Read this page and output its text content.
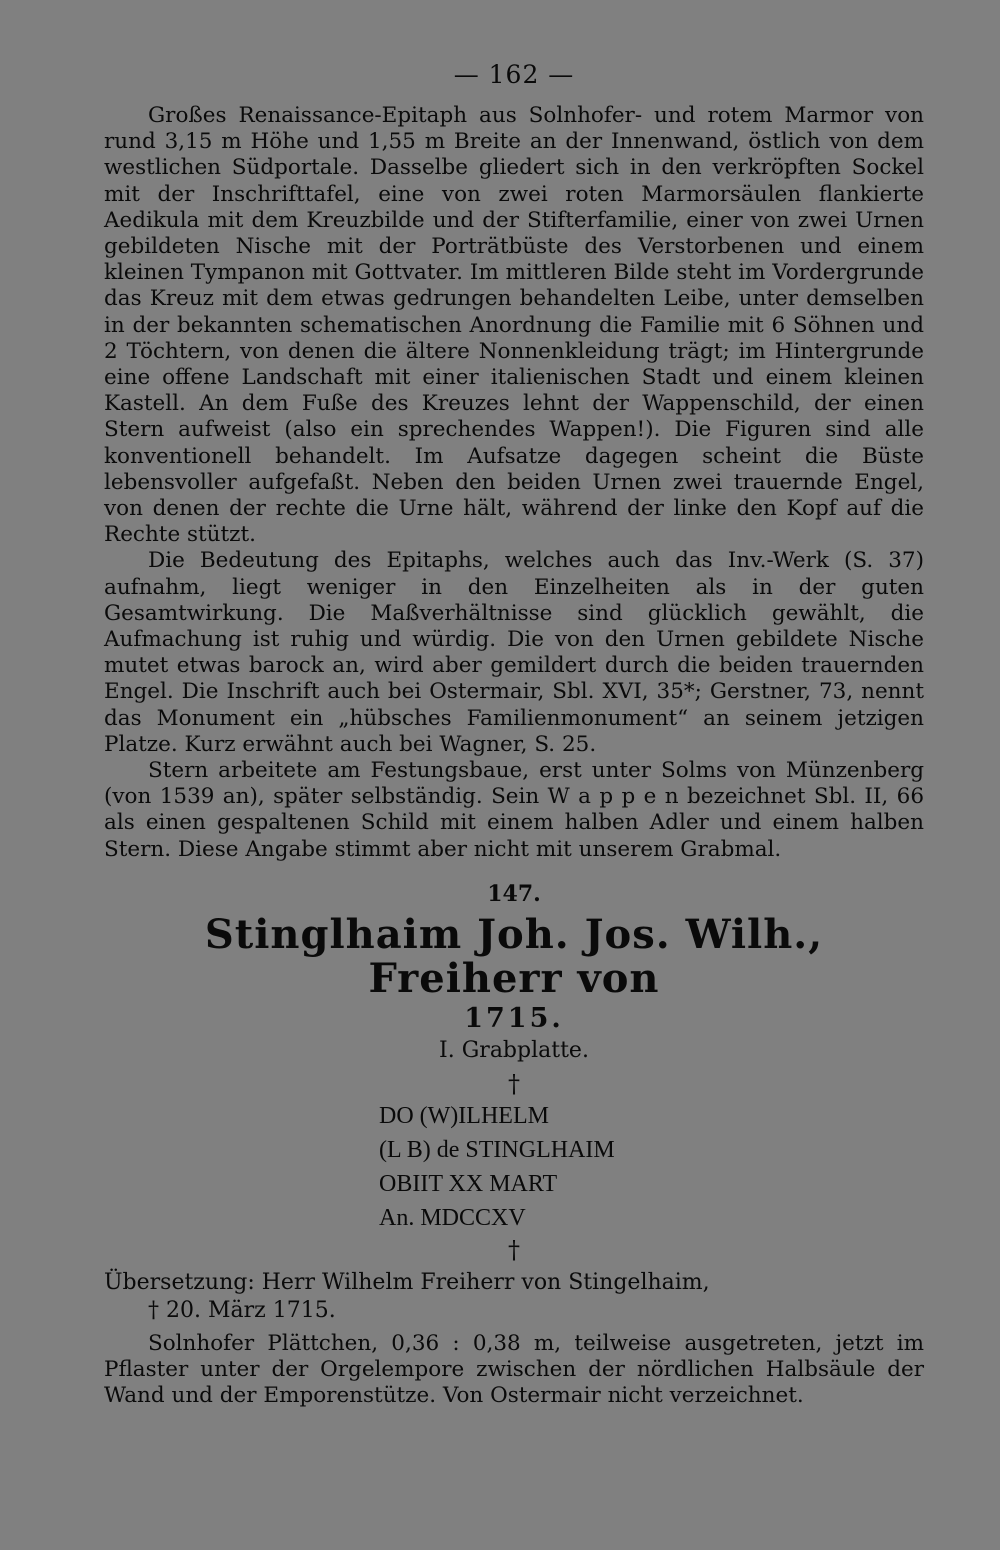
— 162 —

Großes Renaissance-Epitaph aus Solnhofer- und rotem Marmor von rund 3,15 m Höhe und 1,55 m Breite an der Innenwand, östlich von dem westlichen Südportale. Dasselbe gliedert sich in den verkröpften Sockel mit der Inschrifttafel, eine von zwei roten Marmorsäulen flankierte Aedikula mit dem Kreuzbilde und der Stifterfamilie, einer von zwei Urnen gebildeten Nische mit der Porträtbüste des Verstorbenen und einem kleinen Tympanon mit Gottvater. Im mittleren Bilde steht im Vordergrunde das Kreuz mit dem etwas gedrungen behandelten Leibe, unter demselben in der bekannten schematischen Anordnung die Familie mit 6 Söhnen und 2 Töchtern, von denen die ältere Nonnenkleidung trägt; im Hintergrunde eine offene Landschaft mit einer italienischen Stadt und einem kleinen Kastell. An dem Fuße des Kreuzes lehnt der Wappenschild, der einen Stern aufweist (also ein sprechendes Wappen!). Die Figuren sind alle konventionell behandelt. Im Aufsatze dagegen scheint die Büste lebensvoller aufgefaßt. Neben den beiden Urnen zwei trauernde Engel, von denen der rechte die Urne hält, während der linke den Kopf auf die Rechte stützt.

Die Bedeutung des Epitaphs, welches auch das Inv.-Werk (S. 37) aufnahm, liegt weniger in den Einzelheiten als in der guten Gesamtwirkung. Die Maßverhältnisse sind glücklich gewählt, die Aufmachung ist ruhig und würdig. Die von den Urnen gebildete Nische mutet etwas barock an, wird aber gemildert durch die beiden trauernden Engel. Die Inschrift auch bei Ostermair, Sbl. XVI, 35*; Gerstner, 73, nennt das Monument ein „hübsches Familienmonument“ an seinem jetzigen Platze. Kurz erwähnt auch bei Wagner, S. 25.

Stern arbeitete am Festungsbaue, erst unter Solms von Münzenberg (von 1539 an), später selbständig. Sein W a p p e n bezeichnet Sbl. II, 66 als einen gespaltenen Schild mit einem halben Adler und einem halben Stern. Diese Angabe stimmt aber nicht mit unserem Grabmal.

147.
Stinglhaim Joh. Jos. Wilh., Freiherr von
1715.
I. Grabplatte.
†
DO (W)ILHELM
(L B) de STINGLHAIM
OBIIT XX MART
An. MDCCXV
†

Übersetzung: Herr Wilhelm Freiherr von Stingelhaim,

† 20. März 1715.

Solnhofer Plättchen, 0,36 : 0,38 m, teilweise ausgetreten, jetzt im Pflaster unter der Orgelempore zwischen der nördlichen Halbsäule der Wand und der Emporenstütze. Von Ostermair nicht verzeichnet.
